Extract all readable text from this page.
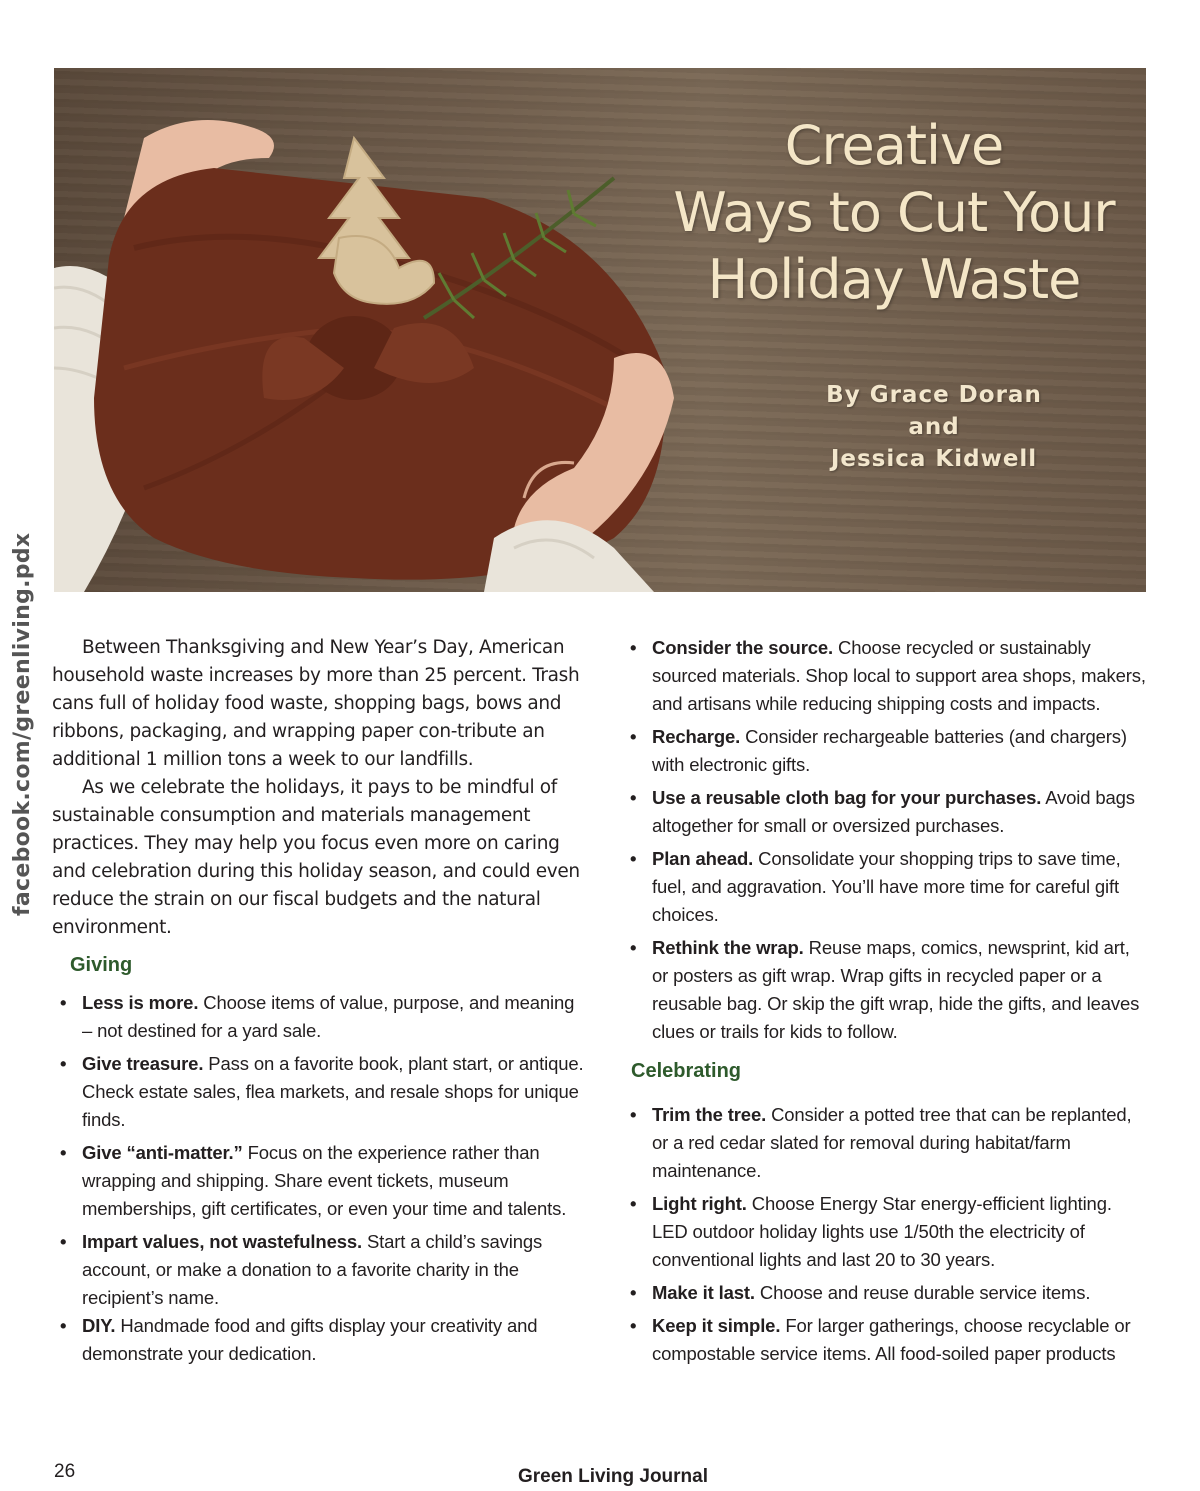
Creative
Ways to Cut Your
Holiday Waste
By Grace Doran
and
Jessica Kidwell
facebook.com/greenliving.pdx	Between Thanksgiving and New Year’s Day, American household waste increases by more than 25 percent. Trash cans full of holiday food waste, shopping bags, bows and ribbons, packaging, and wrapping paper con-tribute an additional 1 million tons a week to our landfills.

As we celebrate the holidays, it pays to be mindful of sustainable consumption and materials management practices. They may help you focus even more on caring and celebration during this holiday season, and could even reduce the strain on our fiscal budgets and the natural environment.

Giving
• Less is more. Choose items of value, purpose, and meaning – not destined for a yard sale.
• Give treasure. Pass on a favorite book, plant start, or antique. Check estate sales, flea markets, and resale shops for unique finds.
• Give “anti-matter.” Focus on the experience rather than wrapping and shipping. Share event tickets, museum memberships, gift certificates, or even your time and talents.
• Impart values, not wastefulness. Start a child’s savings account, or make a donation to a favorite charity in the recipient’s name.
• DIY. Handmade food and gifts display your creativity and demonstrate your dedication.
• Consider the source. Choose recycled or sustainably sourced materials. Shop local to support area shops, makers, and artisans while reducing shipping costs and impacts.
• Recharge. Consider rechargeable batteries (and chargers) with electronic gifts.
• Use a reusable cloth bag for your purchases. Avoid bags altogether for small or oversized purchases.
• Plan ahead. Consolidate your shopping trips to save time, fuel, and aggravation. You’ll have more time for careful gift choices.
• Rethink the wrap. Reuse maps, comics, newsprint, kid art, or posters as gift wrap. Wrap gifts in recycled paper or a reusable bag. Or skip the gift wrap, hide the gifts, and leaves clues or trails for kids to follow.
Celebrating
• Trim the tree. Consider a potted tree that can be replanted, or a red cedar slated for removal during habitat/farm maintenance.
• Light right. Choose Energy Star energy-efficient lighting. LED outdoor holiday lights use 1/50th the electricity of conventional lights and last 20 to 30 years.
• Make it last. Choose and reuse durable service items.
• Keep it simple. For larger gatherings, choose recyclable or compostable service items. All food-soiled paper products
26	Green Living Journal
